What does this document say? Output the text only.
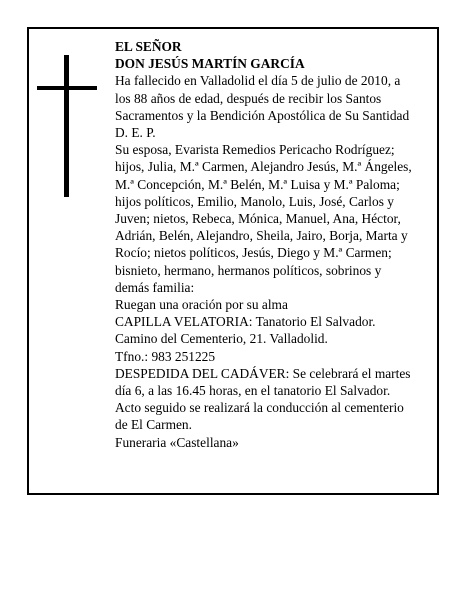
EL SEÑOR
DON JESÚS MARTÍN GARCÍA
Ha fallecido en Valladolid el día 5 de julio de 2010, a
los 88 años de edad, después de recibir los Santos
Sacramentos y la Bendición Apostólica de Su Santidad
D. E. P.
Su esposa, Evarista Remedios Pericacho Rodríguez;
hijos, Julia, M.ª Carmen, Alejandro Jesús, M.ª Ángeles,
M.ª Concepción, M.ª Belén, M.ª Luisa y M.ª Paloma;
hijos políticos, Emilio, Manolo, Luis, José, Carlos y
Juven; nietos, Rebeca, Mónica, Manuel, Ana, Héctor,
Adrián, Belén, Alejandro, Sheila, Jairo, Borja, Marta y
Rocío; nietos políticos, Jesús, Diego y M.ª Carmen;
bisnieto, hermano, hermanos políticos, sobrinos y
demás familia:
Ruegan una oración por su alma
CAPILLA VELATORIA: Tanatorio El Salvador.
Camino del Cementerio, 21. Valladolid.
Tfno.: 983 251225
DESPEDIDA DEL CADÁVER: Se celebrará el martes
día 6, a las 16.45 horas, en el tanatorio El Salvador.
Acto seguido se realizará la conducción al cementerio
de El Carmen.
Funeraria «Castellana»
